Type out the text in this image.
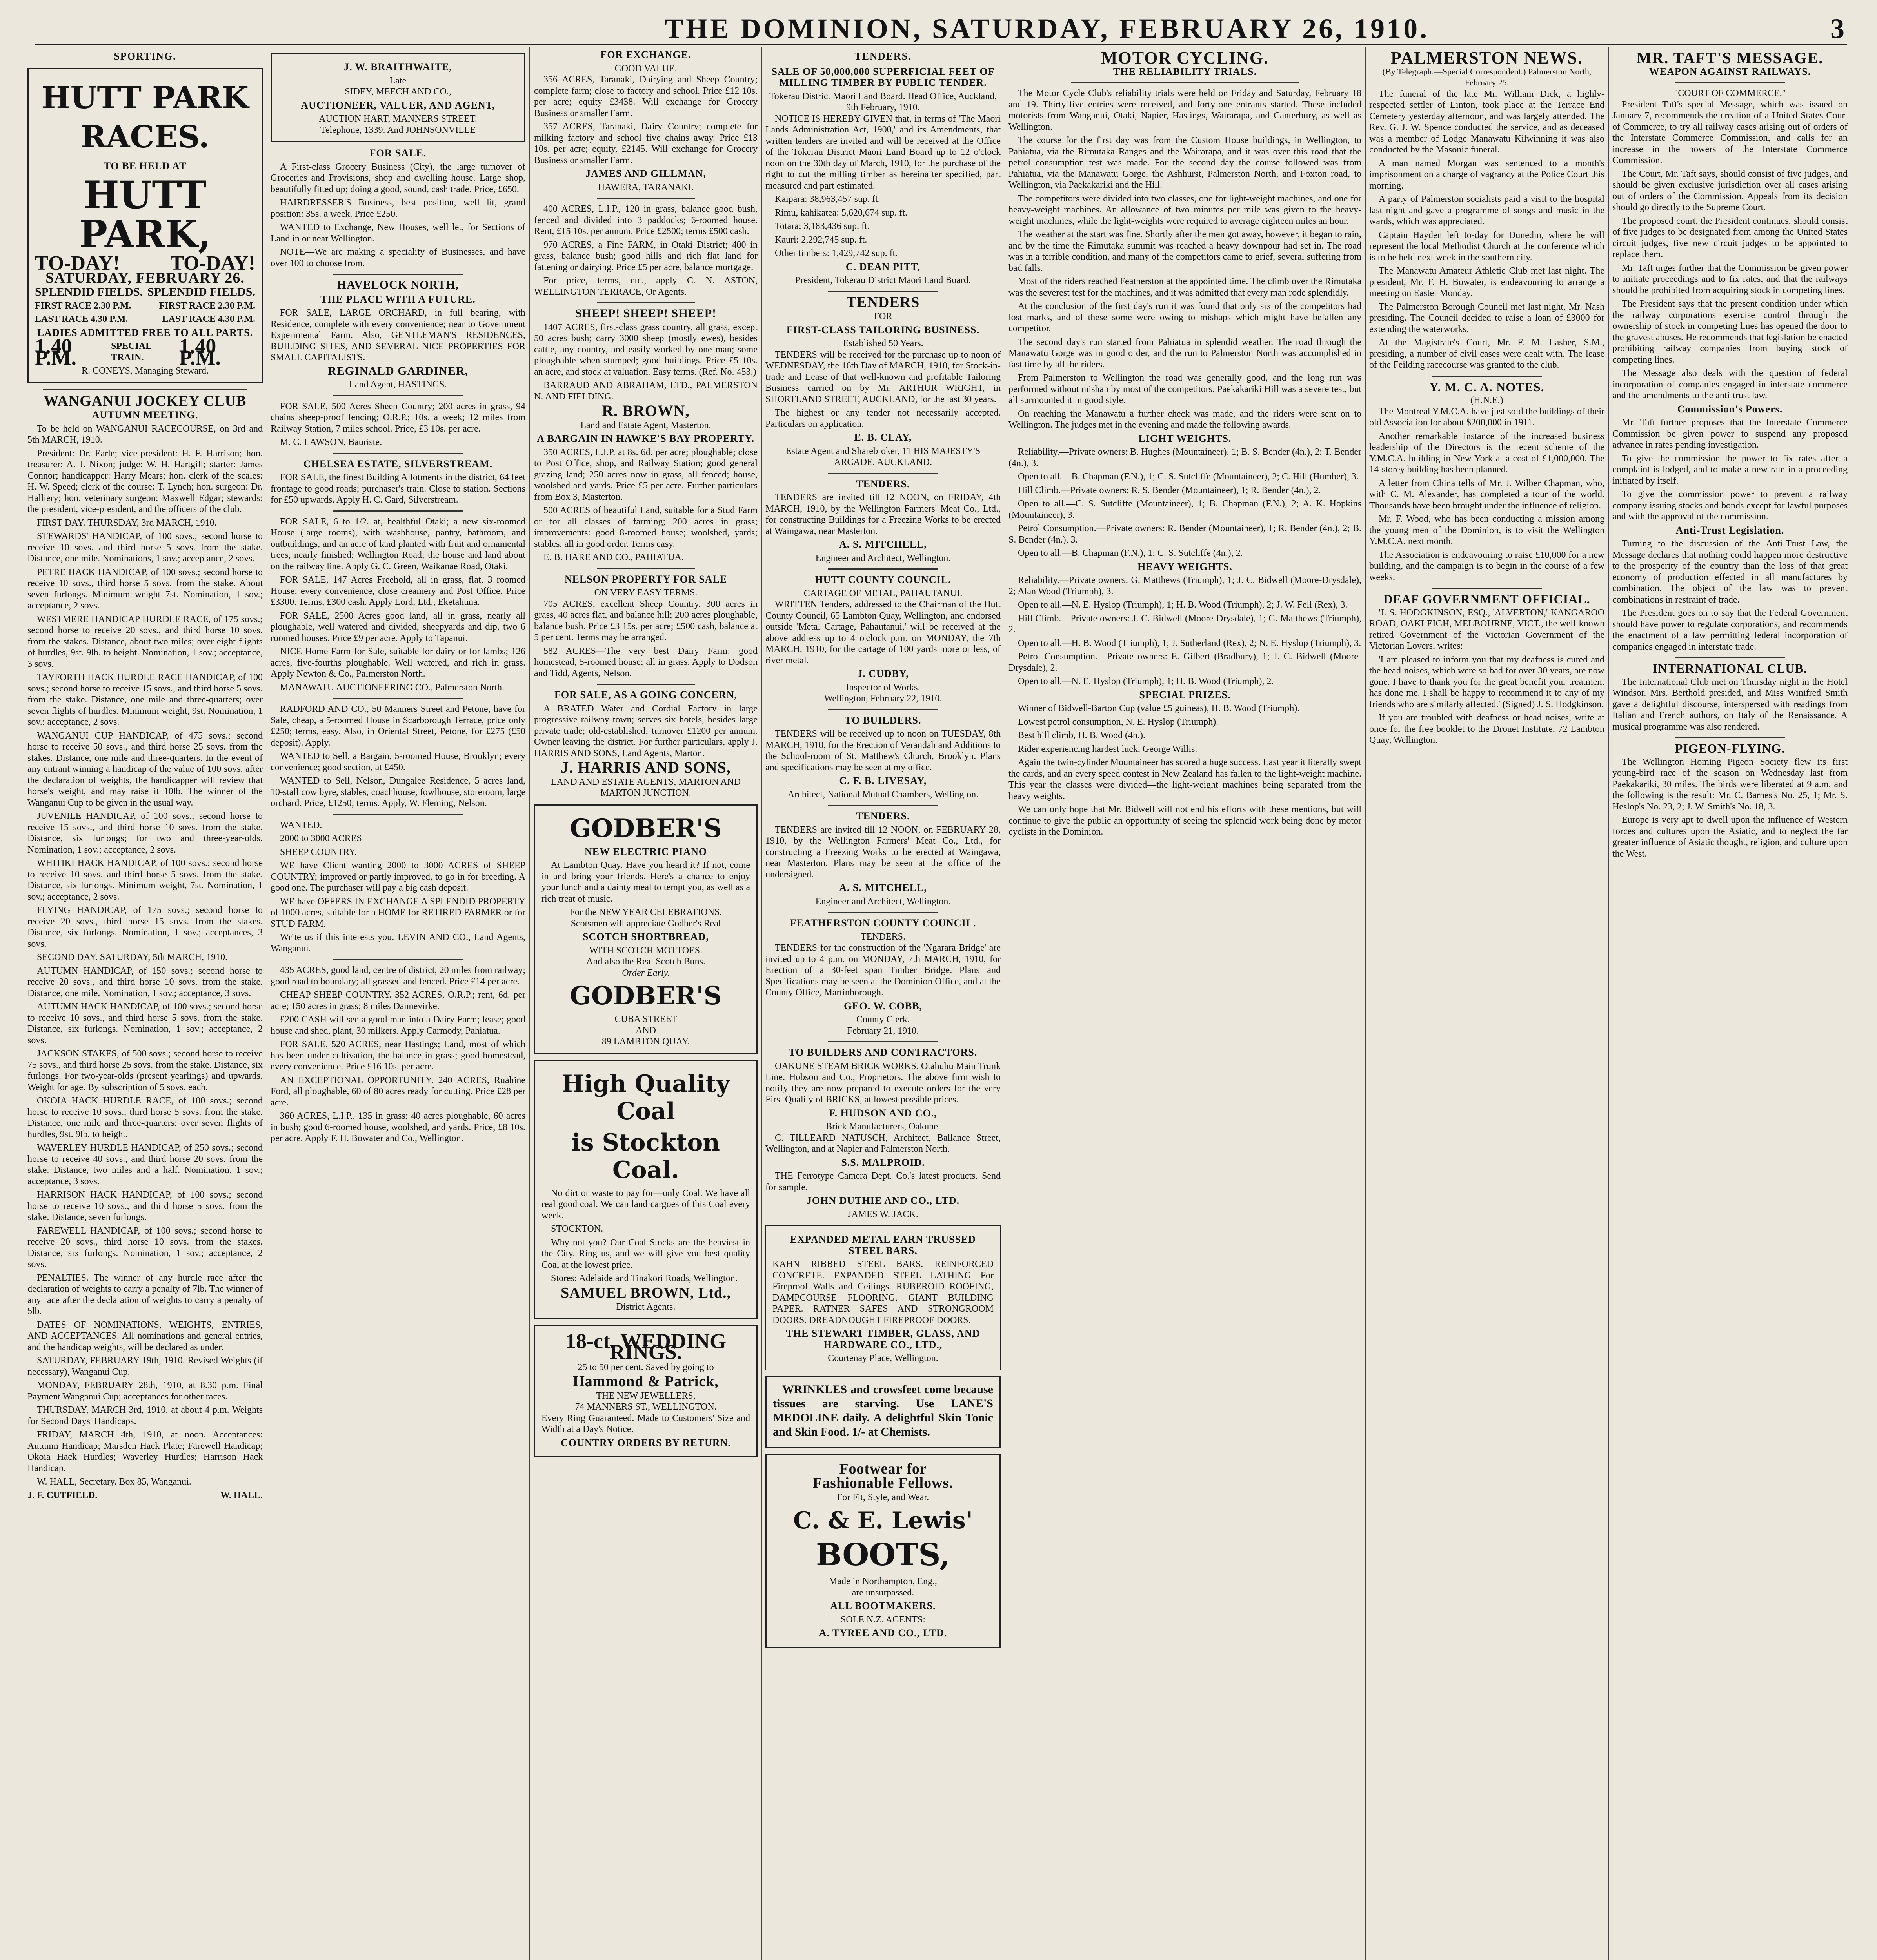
THE DOMINION, SATURDAY, FEBRUARY 26, 1910.	3
SPORTING.
HUTT PARK RACES.
TO BE HELD AT
HUTT PARK,
TO-DAY! TO-DAY!
SATURDAY, FEBRUARY 26.
SPLENDID FIELDS. SPLENDID FIELDS.
FIRST RACE 2.30 P.M.	FIRST RACE 2.30 P.M.
LAST RACE 4.30 P.M.	LAST RACE 4.30 P.M.
LADIES ADMITTED FREE TO ALL PARTS.
1.40 P.M.	SPECIAL TRAIN.	1.40 P.M.
R. CONEYS, Managing Steward.
WANGANUI JOCKEY CLUB
AUTUMN MEETING.

To be held on WANGANUI RACECOURSE, on 3rd and 5th MARCH, 1910.

President: Dr. Earle; vice-president: H. F. Harrison; hon. treasurer: A. J. Nixon; judge: W. H. Hartgill; starter: James Connor; handicapper: Harry Mears; hon. clerk of the scales: H. W. Speed; clerk of the course: T. Lynch; hon. surgeon: Dr. Halliery; hon. veterinary surgeon: Maxwell Edgar; stewards: the president, vice-president, and the officers of the club.

FIRST DAY. THURSDAY, 3rd MARCH, 1910.

STEWARDS' HANDICAP, of 100 sovs.; second horse to receive 10 sovs. and third horse 5 sovs. from the stake. Distance, one mile. Nominations, 1 sov.; acceptance, 2 sovs.

PETRE HACK HANDICAP, of 100 sovs.; second horse to receive 10 sovs., third horse 5 sovs. from the stake. About seven furlongs. Minimum weight 7st. Nomination, 1 sov.; acceptance, 2 sovs.

WESTMERE HANDICAP HURDLE RACE, of 175 sovs.; second horse to receive 20 sovs., and third horse 10 sovs. from the stakes. Distance, about two miles; over eight flights of hurdles, 9st. 9lb. to height. Nomination, 1 sov.; acceptance, 3 sovs.

TAYFORTH HACK HURDLE RACE HANDICAP, of 100 sovs.; second horse to receive 15 sovs., and third horse 5 sovs. from the stake. Distance, one mile and three-quarters; over seven flights of hurdles. Minimum weight, 9st. Nomination, 1 sov.; acceptance, 2 sovs.

WANGANUI CUP HANDICAP, of 475 sovs.; second horse to receive 50 sovs., and third horse 25 sovs. from the stakes. Distance, one mile and three-quarters. In the event of any entrant winning a handicap of the value of 100 sovs. after the declaration of weights, the handicapper will review that horse's weight, and may raise it 10lb. The winner of the Wanganui Cup to be given in the usual way.

JUVENILE HANDICAP, of 100 sovs.; second horse to receive 15 sovs., and third horse 10 sovs. from the stake. Distance, six furlongs; for two and three-year-olds. Nomination, 1 sov.; acceptance, 2 sovs.

WHITIKI HACK HANDICAP, of 100 sovs.; second horse to receive 10 sovs. and third horse 5 sovs. from the stake. Distance, six furlongs. Minimum weight, 7st. Nomination, 1 sov.; acceptance, 2 sovs.

FLYING HANDICAP, of 175 sovs.; second horse to receive 20 sovs., third horse 15 sovs. from the stakes. Distance, six furlongs. Nomination, 1 sov.; acceptances, 3 sovs.

SECOND DAY. SATURDAY, 5th MARCH, 1910.

AUTUMN HANDICAP, of 150 sovs.; second horse to receive 20 sovs., and third horse 10 sovs. from the stake. Distance, one mile. Nomination, 1 sov.; acceptance, 3 sovs.

AUTUMN HACK HANDICAP, of 100 sovs.; second horse to receive 10 sovs., and third horse 5 sovs. from the stake. Distance, six furlongs. Nomination, 1 sov.; acceptance, 2 sovs.

JACKSON STAKES, of 500 sovs.; second horse to receive 75 sovs., and third horse 25 sovs. from the stake. Distance, six furlongs. For two-year-olds (present yearlings) and upwards. Weight for age. By subscription of 5 sovs. each.

OKOIA HACK HURDLE RACE, of 100 sovs.; second horse to receive 10 sovs., third horse 5 sovs. from the stake. Distance, one mile and three-quarters; over seven flights of hurdles, 9st. 9lb. to height.

WAVERLEY HURDLE HANDICAP, of 250 sovs.; second horse to receive 40 sovs., and third horse 20 sovs. from the stake. Distance, two miles and a half. Nomination, 1 sov.; acceptance, 3 sovs.

HARRISON HACK HANDICAP, of 100 sovs.; second horse to receive 10 sovs., and third horse 5 sovs. from the stake. Distance, seven furlongs.

FAREWELL HANDICAP, of 100 sovs.; second horse to receive 20 sovs., third horse 10 sovs. from the stakes. Distance, six furlongs. Nomination, 1 sov.; acceptance, 2 sovs.

PENALTIES. The winner of any hurdle race after the declaration of weights to carry a penalty of 7lb. The winner of any race after the declaration of weights to carry a penalty of 5lb.

DATES OF NOMINATIONS, WEIGHTS, ENTRIES, AND ACCEPTANCES. All nominations and general entries, and the handicap weights, will be declared as under.

SATURDAY, FEBRUARY 19th, 1910. Revised Weights (if necessary), Wanganui Cup.

MONDAY, FEBRUARY 28th, 1910, at 8.30 p.m. Final Payment Wanganui Cup; acceptances for other races.

THURSDAY, MARCH 3rd, 1910, at about 4 p.m. Weights for Second Days' Handicaps.

FRIDAY, MARCH 4th, 1910, at noon. Acceptances: Autumn Handicap; Marsden Hack Plate; Farewell Handicap; Okoia Hack Hurdles; Waverley Hurdles; Harrison Hack Handicap.

W. HALL, Secretary. Box 85, Wanganui.

J. F. CUTFIELD.	W. HALL.
J. W. BRAITHWAITE,
Late
SIDEY, MEECH AND CO.,
AUCTIONEER, VALUER, AND AGENT,
AUCTION HART, MANNERS STREET.
Telephone, 1339. And JOHNSONVILLE
FOR SALE.

A First-class Grocery Business (City), the large turnover of Groceries and Provisions, shop and dwelling house. Large shop, beautifully fitted up; doing a good, sound, cash trade. Price, £650.

HAIRDRESSER'S Business, best position, well lit, grand position: 35s. a week. Price £250.

WANTED to Exchange, New Houses, well let, for Sections of Land in or near Wellington.

NOTE—We are making a speciality of Businesses, and have over 100 to choose from.

HAVELOCK NORTH,
THE PLACE WITH A FUTURE.

FOR SALE, LARGE ORCHARD, in full bearing, with Residence, complete with every convenience; near to Government Experimental Farm. Also, GENTLEMAN'S RESIDENCES, BUILDING SITES, AND SEVERAL NICE PROPERTIES FOR SMALL CAPITALISTS.

REGINALD GARDINER,
Land Agent, HASTINGS.

FOR SALE, 500 Acres Sheep Country; 200 acres in grass, 94 chains sheep-proof fencing; O.R.P.; 10s. a week; 12 miles from Railway Station, 7 miles school. Price, £3 10s. per acre.

M. C. LAWSON, Bauriste.

CHELSEA ESTATE, SILVERSTREAM.

FOR SALE, the finest Building Allotments in the district, 64 feet frontage to good roads; purchaser's train. Close to station. Sections for £50 upwards. Apply H. C. Gard, Silverstream.

FOR SALE, 6 to 1/2. at, healthful Otaki; a new six-roomed House (large rooms), with washhouse, pantry, bathroom, and outbuildings, and an acre of land planted with fruit and ornamental trees, nearly finished; Wellington Road; the house and land about on the railway line. Apply G. C. Green, Waikanae Road, Otaki.

FOR SALE, 147 Acres Freehold, all in grass, flat, 3 roomed House; every convenience, close creamery and Post Office. Price £3300. Terms, £300 cash. Apply Lord, Ltd., Eketahuna.

FOR SALE, 2500 Acres good land, all in grass, nearly all ploughable, well watered and divided, sheepyards and dip, two 6 roomed houses. Price £9 per acre. Apply to Tapanui.

NICE Home Farm for Sale, suitable for dairy or for lambs; 126 acres, five-fourths ploughable. Well watered, and rich in grass. Apply Newton & Co., Palmerston North.

MANAWATU AUCTIONEERING CO., Palmerston North.

RADFORD AND CO., 50 Manners Street and Petone, have for Sale, cheap, a 5-roomed House in Scarborough Terrace, price only £250; terms, easy. Also, in Oriental Street, Petone, for £275 (£50 deposit). Apply.

WANTED to Sell, a Bargain, 5-roomed House, Brooklyn; every convenience; good section, at £450.

WANTED to Sell, Nelson, Dungalee Residence, 5 acres land, 10-stall cow byre, stables, coachhouse, fowlhouse, storeroom, large orchard. Price, £1250; terms. Apply, W. Fleming, Nelson.

WANTED.

2000 to 3000 ACRES

SHEEP COUNTRY.

WE have Client wanting 2000 to 3000 ACRES of SHEEP COUNTRY; improved or partly improved, to go in for breeding. A good one. The purchaser will pay a big cash deposit.

WE have OFFERS IN EXCHANGE A SPLENDID PROPERTY of 1000 acres, suitable for a HOME for RETIRED FARMER or for STUD FARM.

Write us if this interests you. LEVIN AND CO., Land Agents, Wanganui.

435 ACRES, good land, centre of district, 20 miles from railway; good road to boundary; all grassed and fenced. Price £14 per acre.

CHEAP SHEEP COUNTRY. 352 ACRES, O.R.P.; rent, 6d. per acre; 150 acres in grass; 8 miles Dannevirke.

£200 CASH will see a good man into a Dairy Farm; lease; good house and shed, plant, 30 milkers. Apply Carmody, Pahiatua.

FOR SALE. 520 ACRES, near Hastings; Land, most of which has been under cultivation, the balance in grass; good homestead, every convenience. Price £16 10s. per acre.

AN EXCEPTIONAL OPPORTUNITY. 240 ACRES, Ruahine Ford, all ploughable, 60 of 80 acres ready for cutting. Price £28 per acre.

360 ACRES, L.I.P., 135 in grass; 40 acres ploughable, 60 acres in bush; good 6-roomed house, woolshed, and yards. Price, £8 10s. per acre. Apply F. H. Bowater and Co., Wellington.

FOR EXCHANGE.
GOOD VALUE.

356 ACRES, Taranaki, Dairying and Sheep Country; complete farm; close to factory and school. Price £12 10s. per acre; equity £3438. Will exchange for Grocery Business or smaller Farm.

357 ACRES, Taranaki, Dairy Country; complete for milking factory and school five chains away. Price £13 10s. per acre; equity, £2145. Will exchange for Grocery Business or smaller Farm.

JAMES AND GILLMAN,
HAWERA, TARANAKI.

400 ACRES, L.I.P., 120 in grass, balance good bush, fenced and divided into 3 paddocks; 6-roomed house. Rent, £15 10s. per annum. Price £2500; terms £500 cash.

970 ACRES, a Fine FARM, in Otaki District; 400 in grass, balance bush; good hills and rich flat land for fattening or dairying. Price £5 per acre, balance mortgage.

For price, terms, etc., apply C. N. ASTON, WELLINGTON TERRACE, Or Agents.

SHEEP! SHEEP! SHEEP!

1407 ACRES, first-class grass country, all grass, except 50 acres bush; carry 3000 sheep (mostly ewes), besides cattle, any country, and easily worked by one man; some ploughable when stumped; good buildings. Price £5 10s. an acre, and stock at valuation. Easy terms. (Ref. No. 453.)

BARRAUD AND ABRAHAM, LTD., PALMERSTON N. AND FIELDING.

R. BROWN,
Land and Estate Agent, Masterton.
A BARGAIN IN HAWKE'S BAY PROPERTY.

350 ACRES, L.I.P. at 8s. 6d. per acre; ploughable; close to Post Office, shop, and Railway Station; good general grazing land; 250 acres now in grass, all fenced; house, woolshed and yards. Price £5 per acre. Further particulars from Box 3, Masterton.

500 ACRES of beautiful Land, suitable for a Stud Farm or for all classes of farming; 200 acres in grass; improvements: good 8-roomed house; woolshed, yards; stables, all in good order. Terms easy.

E. B. HARE AND CO., PAHIATUA.

NELSON PROPERTY FOR SALE
ON VERY EASY TERMS.

705 ACRES, excellent Sheep Country. 300 acres in grass, 40 acres flat, and balance hill; 200 acres ploughable, balance bush. Price £3 15s. per acre; £500 cash, balance at 5 per cent. Terms may be arranged.

582 ACRES—The very best Dairy Farm: good homestead, 5-roomed house; all in grass. Apply to Dodson and Tidd, Agents, Nelson.

FOR SALE, AS A GOING CONCERN,

A BRATED Water and Cordial Factory in large progressive railway town; serves six hotels, besides large private trade; old-established; turnover £1200 per annum. Owner leaving the district. For further particulars, apply J. HARRIS AND SONS, Land Agents, Marton.

J. HARRIS AND SONS,
LAND AND ESTATE AGENTS, MARTON AND MARTON JUNCTION.
GODBER'S
NEW ELECTRIC PIANO

At Lambton Quay. Have you heard it? If not, come in and bring your friends. Here's a chance to enjoy your lunch and a dainty meal to tempt you, as well as a rich treat of music.

For the NEW YEAR CELEBRATIONS,
Scotsmen will appreciate Godber's Real
SCOTCH SHORTBREAD,
WITH SCOTCH MOTTOES.
And also the Real Scotch Buns.
Order Early.
GODBER'S
CUBA STREET
AND
89 LAMBTON QUAY.
High Quality Coal
is Stockton Coal.

No dirt or waste to pay for—only Coal. We have all real good coal. We can land cargoes of this Coal every week.

STOCKTON.

Why not you? Our Coal Stocks are the heaviest in the City. Ring us, and we will give you best quality Coal at the lowest price.

Stores: Adelaide and Tinakori Roads, Wellington.

SAMUEL BROWN, Ltd.,
District Agents.
18-ct. WEDDING RINGS.
25 to 50 per cent. Saved by going to
Hammond & Patrick,
THE NEW JEWELLERS,
74 MANNERS ST., WELLINGTON.

Every Ring Guaranteed. Made to Customers' Size and Width at a Day's Notice.

COUNTRY ORDERS BY RETURN.
TENDERS.
SALE OF 50,000,000 SUPERFICIAL FEET OF MILLING TIMBER BY PUBLIC TENDER.
Tokerau District Maori Land Board. Head Office, Auckland, 9th February, 1910.

NOTICE IS HEREBY GIVEN that, in terms of 'The Maori Lands Administration Act, 1900,' and its Amendments, that written tenders are invited and will be received at the Office of the Tokerau District Maori Land Board up to 12 o'clock noon on the 30th day of March, 1910, for the purchase of the right to cut the milling timber as hereinafter specified, part measured and part estimated.

Kaipara: 38,963,457 sup. ft.

Rimu, kahikatea: 5,620,674 sup. ft.

Totara: 3,183,436 sup. ft.

Kauri: 2,292,745 sup. ft.

Other timbers: 1,429,742 sup. ft.

C. DEAN PITT,
President, Tokerau District Maori Land Board.
TENDERS
FOR
FIRST-CLASS TAILORING BUSINESS.
Established 50 Years.

TENDERS will be received for the purchase up to noon of WEDNESDAY, the 16th Day of MARCH, 1910, for Stock-in-trade and Lease of that well-known and profitable Tailoring Business carried on by Mr. ARTHUR WRIGHT, in SHORTLAND STREET, AUCKLAND, for the last 30 years.

The highest or any tender not necessarily accepted. Particulars on application.

E. B. CLAY,
Estate Agent and Sharebroker, 11 HIS MAJESTY'S ARCADE, AUCKLAND.
TENDERS.

TENDERS are invited till 12 NOON, on FRIDAY, 4th MARCH, 1910, by the Wellington Farmers' Meat Co., Ltd., for constructing Buildings for a Freezing Works to be erected at Waingawa, near Masterton.

A. S. MITCHELL,
Engineer and Architect, Wellington.
HUTT COUNTY COUNCIL.
CARTAGE OF METAL, PAHAUTANUI.

WRITTEN Tenders, addressed to the Chairman of the Hutt County Council, 65 Lambton Quay, Wellington, and endorsed outside 'Metal Cartage, Pahautanui,' will be received at the above address up to 4 o'clock p.m. on MONDAY, the 7th MARCH, 1910, for the cartage of 100 yards more or less, of river metal.

J. CUDBY,
Inspector of Works.
Wellington, February 22, 1910.
TO BUILDERS.

TENDERS will be received up to noon on TUESDAY, 8th MARCH, 1910, for the Erection of Verandah and Additions to the School-room of St. Matthew's Church, Brooklyn. Plans and specifications may be seen at my office.

C. F. B. LIVESAY,
Architect, National Mutual Chambers, Wellington.
TENDERS.

TENDERS are invited till 12 NOON, on FEBRUARY 28, 1910, by the Wellington Farmers' Meat Co., Ltd., for constructing a Freezing Works to be erected at Waingawa, near Masterton. Plans may be seen at the office of the undersigned.

A. S. MITCHELL,
Engineer and Architect, Wellington.
FEATHERSTON COUNTY COUNCIL.
TENDERS.

TENDERS for the construction of the 'Ngarara Bridge' are invited up to 4 p.m. on MONDAY, 7th MARCH, 1910, for Erection of a 30-feet span Timber Bridge. Plans and Specifications may be seen at the Dominion Office, and at the County Office, Martinborough.

GEO. W. COBB,
County Clerk.
February 21, 1910.
TO BUILDERS AND CONTRACTORS.

OAKUNE STEAM BRICK WORKS. Otahuhu Main Trunk Line. Hobson and Co., Proprietors. The above firm wish to notify they are now prepared to execute orders for the very First Quality of BRICKS, at lowest possible prices.

F. HUDSON AND CO.,
Brick Manufacturers, Oakune.

C. TILLEARD NATUSCH, Architect, Ballance Street, Wellington, and at Napier and Palmerston North.

S.S. MALPROID.

THE Ferrotype Camera Dept. Co.'s latest products. Send for sample.

JOHN DUTHIE AND CO., LTD.
JAMES W. JACK.
EXPANDED METAL EARN TRUSSED STEEL BARS.

KAHN RIBBED STEEL BARS. REINFORCED CONCRETE. EXPANDED STEEL LATHING For Fireproof Walls and Ceilings. RUBEROID ROOFING, DAMPCOURSE FLOORING, GIANT BUILDING PAPER. RATNER SAFES AND STRONGROOM DOORS. DREADNOUGHT FIREPROOF DOORS.

THE STEWART TIMBER, GLASS, AND HARDWARE CO., LTD.,
Courtenay Place, Wellington.

WRINKLES and crowsfeet come because tissues are starving. Use LANE'S MEDOLINE daily. A delightful Skin Tonic and Skin Food. 1/- at Chemists.

Footwear for
Fashionable Fellows.
For Fit, Style, and Wear.
C. & E. Lewis'
BOOTS,
Made in Northampton, Eng.,
are unsurpassed.
ALL BOOTMAKERS.
SOLE N.Z. AGENTS:
A. TYREE AND CO., LTD.
MOTOR CYCLING.
THE RELIABILITY TRIALS.

The Motor Cycle Club's reliability trials were held on Friday and Saturday, February 18 and 19. Thirty-five entries were received, and forty-one entrants started. These included motorists from Wanganui, Otaki, Napier, Hastings, Wairarapa, and Canterbury, as well as Wellington.

The course for the first day was from the Custom House buildings, in Wellington, to Pahiatua, via the Rimutaka Ranges and the Wairarapa, and it was over this road that the petrol consumption test was made. For the second day the course followed was from Pahiatua, via the Manawatu Gorge, the Ashhurst, Palmerston North, and Foxton road, to Wellington, via Paekakariki and the Hill.

The competitors were divided into two classes, one for light-weight machines, and one for heavy-weight machines. An allowance of two minutes per mile was given to the heavy-weight machines, while the light-weights were required to average eighteen miles an hour.

The weather at the start was fine. Shortly after the men got away, however, it began to rain, and by the time the Rimutaka summit was reached a heavy downpour had set in. The road was in a terrible condition, and many of the competitors came to grief, several suffering from bad falls.

Most of the riders reached Featherston at the appointed time. The climb over the Rimutaka was the severest test for the machines, and it was admitted that every man rode splendidly.

At the conclusion of the first day's run it was found that only six of the competitors had lost marks, and of these some were owing to mishaps which might have befallen any competitor.

The second day's run started from Pahiatua in splendid weather. The road through the Manawatu Gorge was in good order, and the run to Palmerston North was accomplished in fast time by all the riders.

From Palmerston to Wellington the road was generally good, and the long run was performed without mishap by most of the competitors. Paekakariki Hill was a severe test, but all surmounted it in good style.

On reaching the Manawatu a further check was made, and the riders were sent on to Wellington. The judges met in the evening and made the following awards.

LIGHT WEIGHTS.

Reliability.—Private owners: B. Hughes (Mountaineer), 1; B. S. Bender (4n.), 2; T. Bender (4n.), 3.

Open to all.—B. Chapman (F.N.), 1; C. S. Sutcliffe (Mountaineer), 2; C. Hill (Humber), 3.

Hill Climb.—Private owners: R. S. Bender (Mountaineer), 1; R. Bender (4n.), 2.

Open to all.—C. S. Sutcliffe (Mountaineer), 1; B. Chapman (F.N.), 2; A. K. Hopkins (Mountaineer), 3.

Petrol Consumption.—Private owners: R. Bender (Mountaineer), 1; R. Bender (4n.), 2; B. S. Bender (4n.), 3.

Open to all.—B. Chapman (F.N.), 1; C. S. Sutcliffe (4n.), 2.

HEAVY WEIGHTS.

Reliability.—Private owners: G. Matthews (Triumph), 1; J. C. Bidwell (Moore-Drysdale), 2; Alan Wood (Triumph), 3.

Open to all.—N. E. Hyslop (Triumph), 1; H. B. Wood (Triumph), 2; J. W. Fell (Rex), 3.

Hill Climb.—Private owners: J. C. Bidwell (Moore-Drysdale), 1; G. Matthews (Triumph), 2.

Open to all.—H. B. Wood (Triumph), 1; J. Sutherland (Rex), 2; N. E. Hyslop (Triumph), 3.

Petrol Consumption.—Private owners: E. Gilbert (Bradbury), 1; J. C. Bidwell (Moore-Drysdale), 2.

Open to all.—N. E. Hyslop (Triumph), 1; H. B. Wood (Triumph), 2.

SPECIAL PRIZES.

Winner of Bidwell-Barton Cup (value £5 guineas), H. B. Wood (Triumph).

Lowest petrol consumption, N. E. Hyslop (Triumph).

Best hill climb, H. B. Wood (4n.).

Rider experiencing hardest luck, George Willis.

Again the twin-cylinder Mountaineer has scored a huge success. Last year it literally swept the cards, and an every speed contest in New Zealand has fallen to the light-weight machine. This year the classes were divided—the light-weight machines being separated from the heavy weights.

We can only hope that Mr. Bidwell will not end his efforts with these mentions, but will continue to give the public an opportunity of seeing the splendid work being done by motor cyclists in the Dominion.

PALMERSTON NEWS.
(By Telegraph.—Special Correspondent.) Palmerston North, February 25.

The funeral of the late Mr. William Dick, a highly-respected settler of Linton, took place at the Terrace End Cemetery yesterday afternoon, and was largely attended. The Rev. G. J. W. Spence conducted the service, and as deceased was a member of Lodge Manawatu Kilwinning it was also conducted by the Masonic funeral.

A man named Morgan was sentenced to a month's imprisonment on a charge of vagrancy at the Police Court this morning.

A party of Palmerston socialists paid a visit to the hospital last night and gave a programme of songs and music in the wards, which was appreciated.

Captain Hayden left to-day for Dunedin, where he will represent the local Methodist Church at the conference which is to be held next week in the southern city.

The Manawatu Amateur Athletic Club met last night. The president, Mr. F. H. Bowater, is endeavouring to arrange a meeting on Easter Monday.

The Palmerston Borough Council met last night, Mr. Nash presiding. The Council decided to raise a loan of £3000 for extending the waterworks.

At the Magistrate's Court, Mr. F. M. Lasher, S.M., presiding, a number of civil cases were dealt with. The lease of the Feilding racecourse was granted to the club.

Y. M. C. A. NOTES.
(H.N.E.)

The Montreal Y.M.C.A. have just sold the buildings of their old Association for about $200,000 in 1911.

Another remarkable instance of the increased business leadership of the Directors is the recent scheme of the Y.M.C.A. building in New York at a cost of £1,000,000. The 14-storey building has been planned.

A letter from China tells of Mr. J. Wilber Chapman, who, with C. M. Alexander, has completed a tour of the world. Thousands have been brought under the influence of religion.

Mr. F. Wood, who has been conducting a mission among the young men of the Dominion, is to visit the Wellington Y.M.C.A. next month.

The Association is endeavouring to raise £10,000 for a new building, and the campaign is to begin in the course of a few weeks.

DEAF GOVERNMENT OFFICIAL.

'J. S. HODGKINSON, ESQ., 'ALVERTON,' KANGAROO ROAD, OAKLEIGH, MELBOURNE, VICT., the well-known retired Government of the Victorian Government of the Victorian Lovers, writes:

'I am pleased to inform you that my deafness is cured and the head-noises, which were so bad for over 30 years, are now gone. I have to thank you for the great benefit your treatment has done me. I shall be happy to recommend it to any of my friends who are similarly affected.' (Signed) J. S. Hodgkinson.

If you are troubled with deafness or head noises, write at once for the free booklet to the Drouet Institute, 72 Lambton Quay, Wellington.

MR. TAFT'S MESSAGE.
WEAPON AGAINST RAILWAYS.
"COURT OF COMMERCE."

President Taft's special Message, which was issued on January 7, recommends the creation of a United States Court of Commerce, to try all railway cases arising out of orders of the Interstate Commerce Commission, and calls for an increase in the powers of the Interstate Commerce Commission.

The Court, Mr. Taft says, should consist of five judges, and should be given exclusive jurisdiction over all cases arising out of orders of the Commission. Appeals from its decision should go directly to the Supreme Court.

The proposed court, the President continues, should consist of five judges to be designated from among the United States circuit judges, five new circuit judges to be appointed to replace them.

Mr. Taft urges further that the Commission be given power to initiate proceedings and to fix rates, and that the railways should be prohibited from acquiring stock in competing lines.

The President says that the present condition under which the railway corporations exercise control through the ownership of stock in competing lines has opened the door to the gravest abuses. He recommends that legislation be enacted prohibiting railway companies from buying stock of competing lines.

The Message also deals with the question of federal incorporation of companies engaged in interstate commerce and the amendments to the anti-trust law.

Commission's Powers.

Mr. Taft further proposes that the Interstate Commerce Commission be given power to suspend any proposed advance in rates pending investigation.

To give the commission the power to fix rates after a complaint is lodged, and to make a new rate in a proceeding initiated by itself.

To give the commission power to prevent a railway company issuing stocks and bonds except for lawful purposes and with the approval of the commission.

Anti-Trust Legislation.

Turning to the discussion of the Anti-Trust Law, the Message declares that nothing could happen more destructive to the prosperity of the country than the loss of that great economy of production effected in all manufactures by combination. The object of the law was to prevent combinations in restraint of trade.

The President goes on to say that the Federal Government should have power to regulate corporations, and recommends the enactment of a law permitting federal incorporation of companies engaged in interstate trade.

INTERNATIONAL CLUB.

The International Club met on Thursday night in the Hotel Windsor. Mrs. Berthold presided, and Miss Winifred Smith gave a delightful discourse, interspersed with readings from Italian and French authors, on Italy of the Renaissance. A musical programme was also rendered.

PIGEON-FLYING.

The Wellington Homing Pigeon Society flew its first young-bird race of the season on Wednesday last from Paekakariki, 30 miles. The birds were liberated at 9 a.m. and the following is the result: Mr. C. Barnes's No. 25, 1; Mr. S. Heslop's No. 23, 2; J. W. Smith's No. 18, 3.

Europe is very apt to dwell upon the influence of Western forces and cultures upon the Asiatic, and to neglect the far greater influence of Asiatic thought, religion, and culture upon the West.
